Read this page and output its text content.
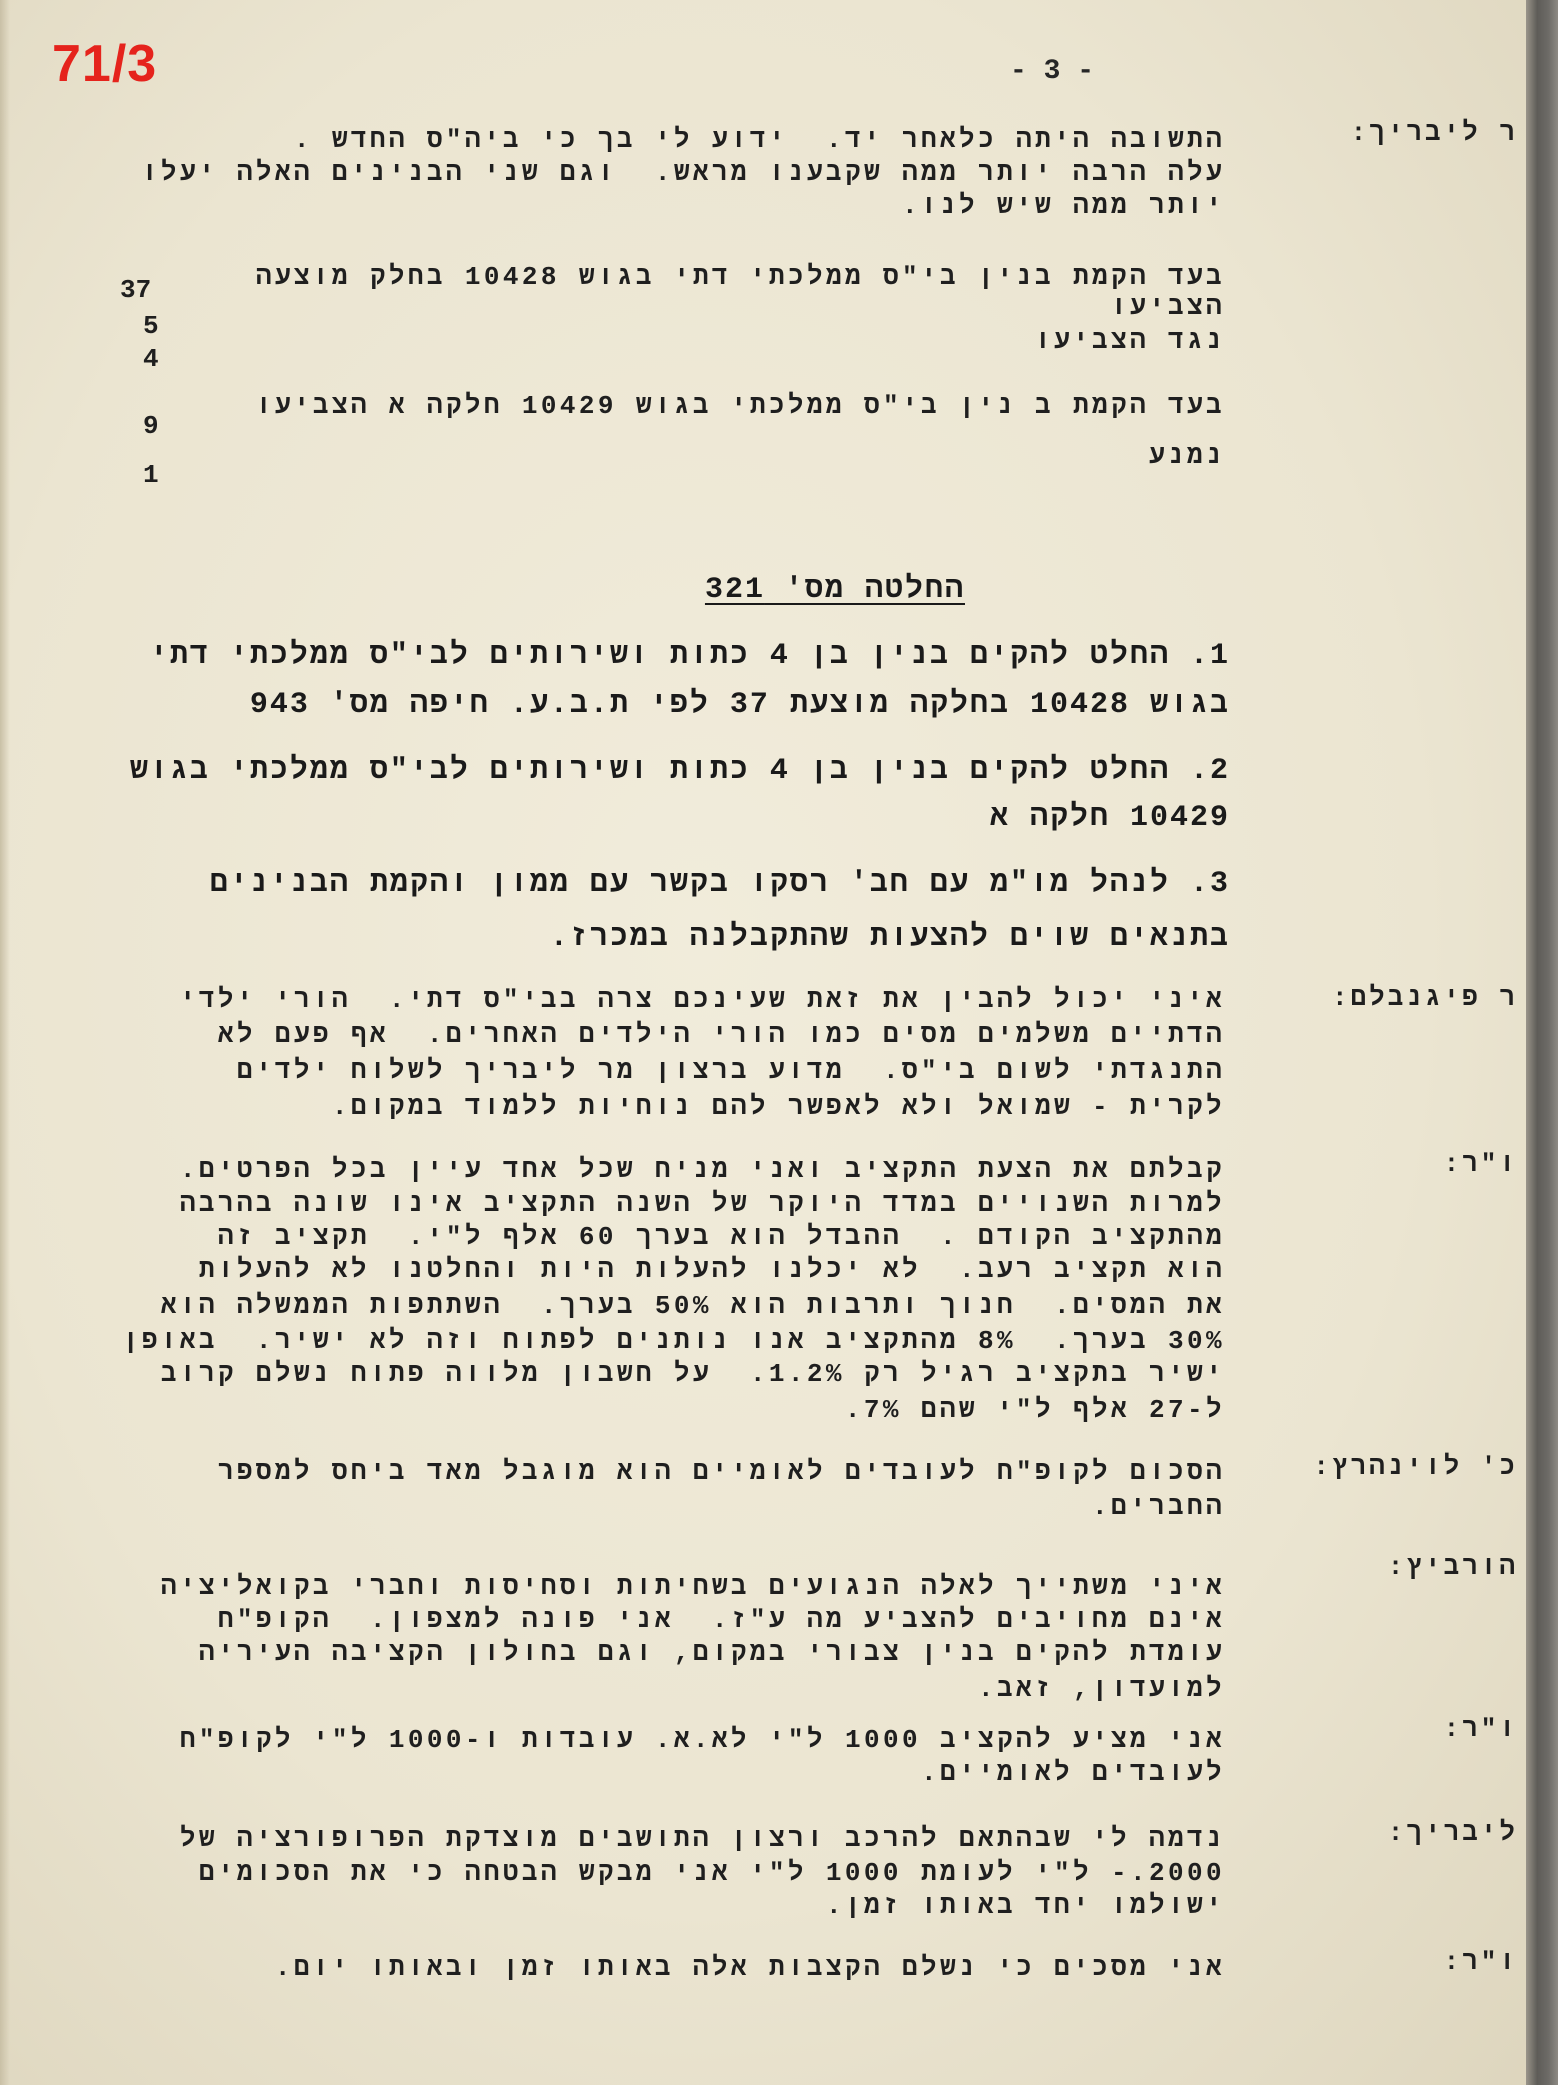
71/3	- 3 -
ר ליבריך:
התשובה היתה כלאחר יד.  ידוע לי בך כי ביה"ס החדש .
עלה הרבה יותר ממה שקבענו מראש.  וגם שני הבנינים האלה יעלו
יותר ממה שיש לנו.
בעד הקמת בנין בי"ס ממלכתי דתי בגוש 10428 בחלק מוצעה
הצביעו
נגד הצביעו
37
5
4
בעד הקמת ב נין בי"ס ממלכתי בגוש 10429 חלקה א הצביעו
נמנע
9
1
החלטה מס' 321
1. החלט להקים בנין בן 4 כתות ושירותים לבי"ס ממלכתי דתי
בגוש 10428 בחלקה מוצעת 37 לפי ת.ב.ע. חיפה מס' 943
2. החלט להקים בנין בן 4 כתות ושירותים לבי"ס ממלכתי בגוש
10429 חלקה א
3. לנהל מו"מ עם חב' רסקו בקשר עם ממון והקמת הבנינים
בתנאים שוים להצעות שהתקבלנה במכרז.
ר פיגנבלם:
איני יכול להבין את זאת שעינכם צרה בבי"ס דתי.  הורי ילדי
הדתיים משלמים מסים כמו הורי הילדים האחרים.  אף פעם לא
התנגדתי לשום בי"ס.  מדוע ברצון מר ליבריך לשלוח ילדים
לקרית - שמואל ולא לאפשר להם נוחיות ללמוד במקום.
ו"ר:
קבלתם את הצעת התקציב ואני מניח שכל אחד עיין בכל הפרטים.
למרות השנויים במדד היוקר של השנה התקציב אינו שונה בהרבה
מהתקציב הקודם .  ההבדל הוא בערך 60 אלף ל"י.  תקציב זה
הוא תקציב רעב.  לא יכלנו להעלות היות והחלטנו לא להעלות
את המסים.  חנוך ותרבות הוא 50% בערך.  השתתפות הממשלה הוא
30% בערך.  8% מהתקציב אנו נותנים לפתוח וזה לא ישיר.  באופן
ישיר בתקציב רגיל רק 1.2%.  על חשבון מלווה פתוח נשלם קרוב
ל-27 אלף ל"י שהם 7%.
כ' לוינהרץ:
הסכום לקופ"ח לעובדים לאומיים הוא מוגבל מאד ביחס למספר
החברים.
הורביץ:
איני משתייך לאלה הנגועים בשחיתות וסחיסות וחברי בקואליציה
אינם מחויבים להצביע מה ע"ז.  אני פונה למצפון.  הקופ"ח
עומדת להקים בנין צבורי במקום, וגם בחולון הקציבה העיריה
למועדון, זאב.
ו"ר:
אני מציע להקציב 1000 ל"י לא.א. עובדות ו-1000 ל"י לקופ"ח
לעובדים לאומיים.
ליבריך:
נדמה לי שבהתאם להרכב ורצון התושבים מוצדקת הפרופורציה של
2000.- ל"י לעומת 1000 ל"י אני מבקש הבטחה כי את הסכומים
ישולמו יחד באותו זמן.
ו"ר:
אני מסכים כי נשלם הקצבות אלה באותו זמן ובאותו יום.
